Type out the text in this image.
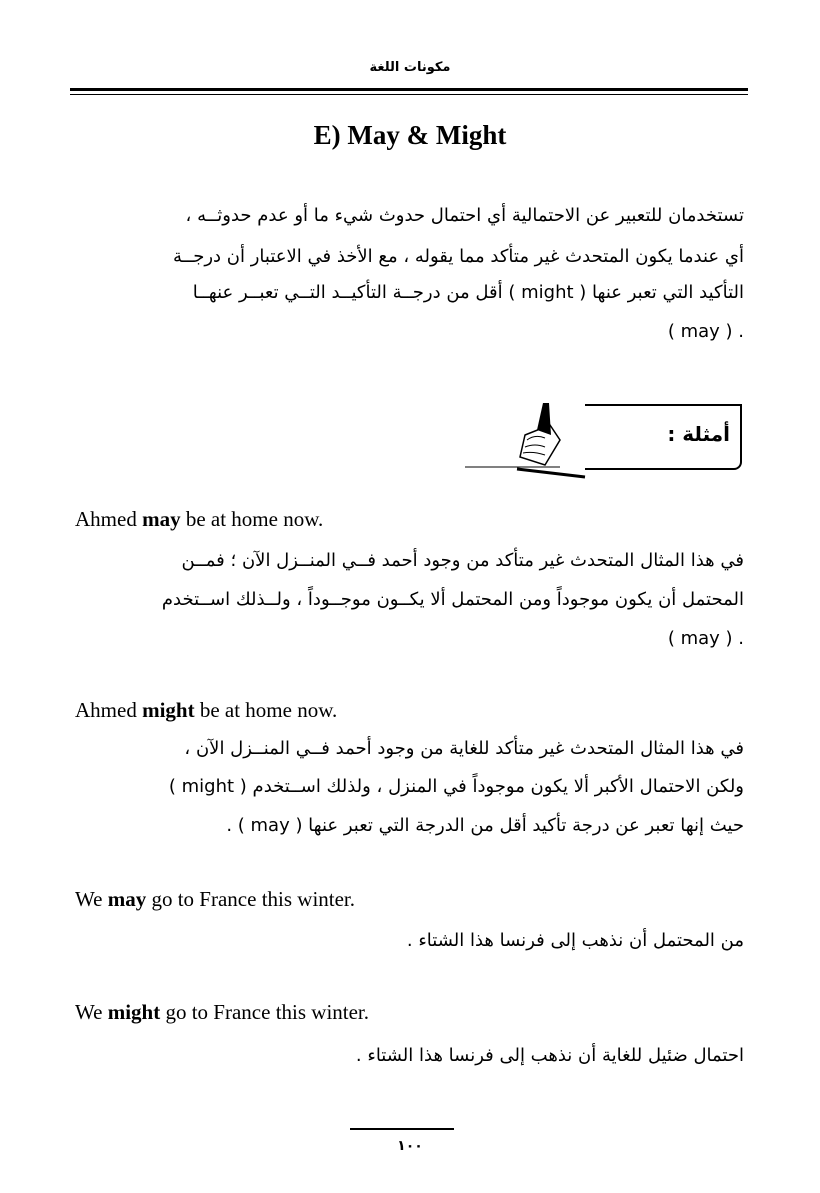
مكونات اللغة
E) May & Might
تستخدمان للتعبير عن الاحتمالية أي احتمال حدوث شيء ما أو عدم حدوثــه ،
أي عندما يكون المتحدث غير متأكد مما يقوله ، مع الأخذ في الاعتبار أن درجــة
التأكيد التي تعبر عنها ( might ) أقل من درجــة التأكيــد التــي تعبــر عنهــا
. ( may )
أمثلة :
Ahmed may be at home now.
في هذا المثال المتحدث غير متأكد من وجود أحمد فــي المنــزل الآن ؛ فمــن
المحتمل أن يكون موجوداً ومن المحتمل ألا يكــون موجــوداً ، ولــذلك اســتخدم
. ( may )
Ahmed might be at home now.
في هذا المثال المتحدث غير متأكد للغاية من وجود أحمد فــي المنــزل الآن ،
ولكن الاحتمال الأكبر ألا يكون موجوداً في المنزل ، ولذلك اســتخدم ( might )
حيث إنها تعبر عن درجة تأكيد أقل من الدرجة التي تعبر عنها ( may ) .
We may go to France this winter.
من المحتمل أن نذهب إلى فرنسا هذا الشتاء .
We might go to France this winter.
احتمال ضئيل للغاية أن نذهب إلى فرنسا هذا الشتاء .
١٠٠
